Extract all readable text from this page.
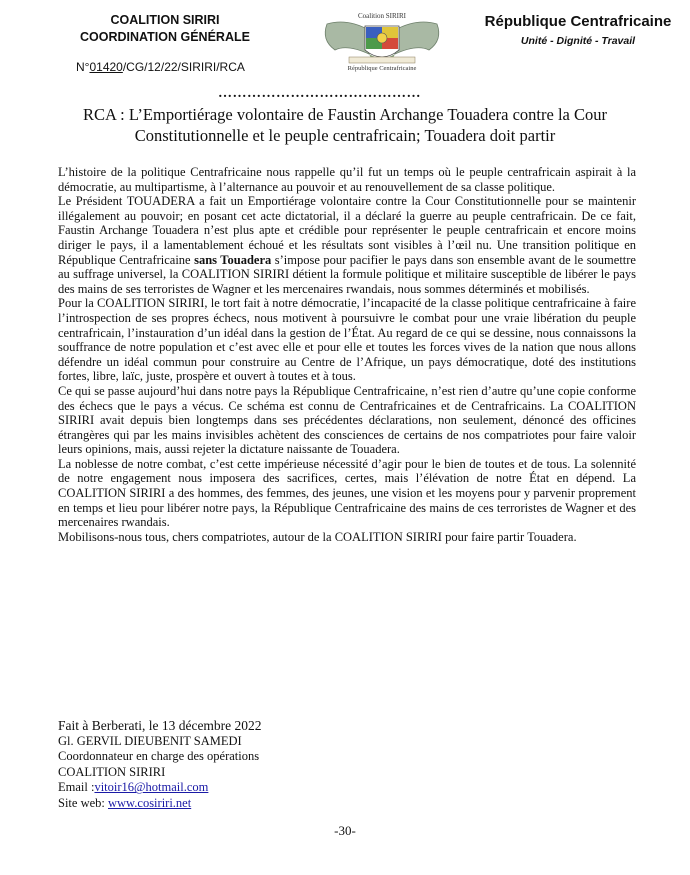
COALITION SIRIRI
COORDINATION GÉNÉRALE
N°01420/CG/12/22/SIRIRI/RCA
Coalition SIRIRI
République Centrafricaine
République Centrafricaine
Unité - Dignité - Travail
……………………………………
RCA : L’Emportiérage volontaire de Faustin Archange Touadera contre la Cour Constitutionnelle et le peuple centrafricain; Touadera doit partir

L’histoire de la politique Centrafricaine nous rappelle qu’il fut un temps où le peuple centrafricain aspirait à la démocratie, au multipartisme, à l’alternance au pouvoir et au renouvellement de sa classe politique.

Le Président TOUADERA a fait un Emportiérage volontaire contre la Cour Constitutionnelle pour se maintenir illégalement au pouvoir; en posant cet acte dictatorial, il a déclaré la guerre au peuple centrafricain. De ce fait, Faustin Archange Touadera n’est plus apte et crédible pour représenter le peuple centrafricain et encore moins diriger le pays, il a lamentablement échoué et les résultats sont visibles à l’œil nu. Une transition politique en République Centrafricaine sans Touadera s’impose pour pacifier le pays dans son ensemble avant de le soumettre au suffrage universel, la COALITION SIRIRI détient la formule politique et militaire susceptible de libérer le pays des mains de ses terroristes de Wagner et les mercenaires rwandais, nous sommes déterminés et mobilisés.

Pour la COALITION SIRIRI, le tort fait à notre démocratie, l’incapacité de la classe politique centrafricaine à faire l’introspection de ses propres échecs, nous motivent à poursuivre le combat pour une vraie libération du peuple centrafricain, l’instauration d’un idéal dans la gestion de l’État. Au regard de ce qui se dessine, nous connaissons la souffrance de notre population et c’est avec elle et pour elle et toutes les forces vives de la nation que nous allons défendre un idéal commun pour construire au Centre de l’Afrique, un pays démocratique, doté des institutions fortes, libre, laïc, juste, prospère et ouvert à toutes et à tous.

Ce qui se passe aujourd’hui dans notre pays la République Centrafricaine, n’est rien d’autre qu’une copie conforme des échecs que le pays a vécus. Ce schéma est connu de Centrafricaines et de Centrafricains. La COALITION SIRIRI avait depuis bien longtemps dans ses précédentes déclarations, non seulement, dénoncé des officines étrangères qui par les mains invisibles achètent des consciences de certains de nos compatriotes pour faire valoir leurs opinions, mais, aussi rejeter la dictature naissante de Touadera.

La noblesse de notre combat, c’est cette impérieuse nécessité d’agir pour le bien de toutes et de tous. La solennité de notre engagement nous imposera des sacrifices, certes, mais l’élévation de notre État en dépend. La COALITION SIRIRI a des hommes, des femmes, des jeunes, une vision et les moyens pour y parvenir proprement en temps et lieu pour libérer notre pays, la République Centrafricaine des mains de ces terroristes de Wagner et des mercenaires rwandais.

Mobilisons-nous tous, chers compatriotes, autour de la COALITION SIRIRI pour faire partir Touadera.

Fait à Berberati, le 13 décembre 2022
Gl. GERVIL DIEUBENIT SAMEDI
Coordonnateur en charge des opérations
COALITION SIRIRI
Email :vitoir16@hotmail.com
Site web: www.cosiriri.net
-30-
